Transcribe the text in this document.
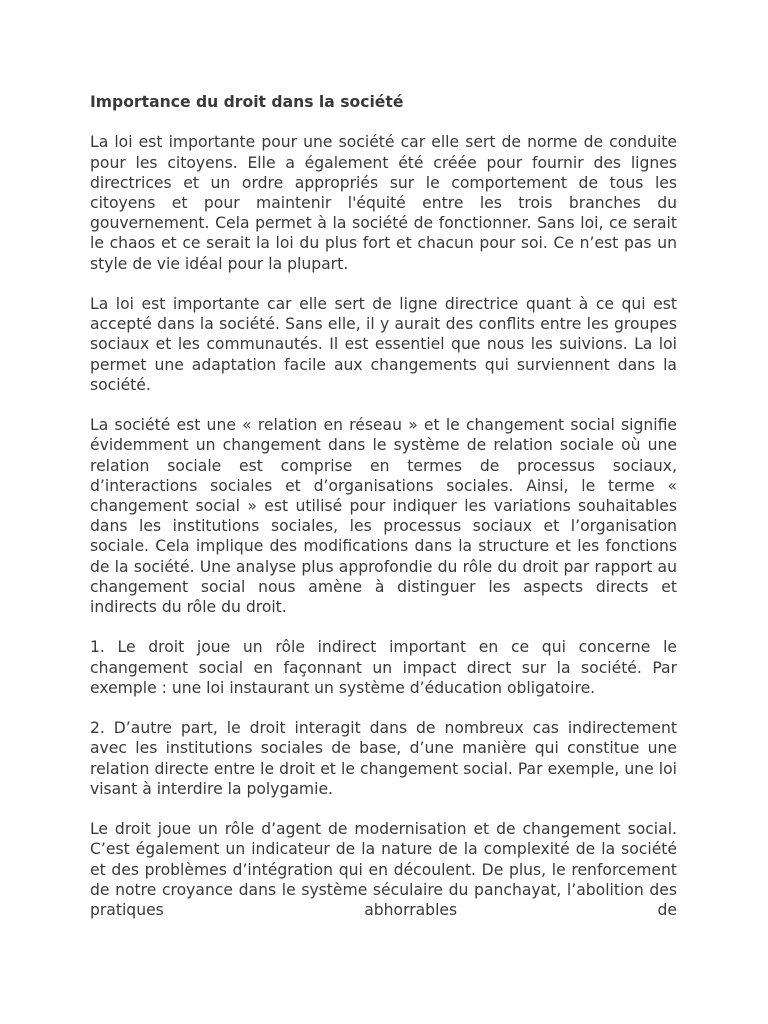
Importance du droit dans la société

La loi est importante pour une société car elle sert de norme de conduite pour les citoyens. Elle a également été créée pour fournir des lignes directrices et un ordre appropriés sur le comportement de tous les citoyens et pour maintenir l'équité entre les trois branches du gouvernement. Cela permet à la société de fonctionner. Sans loi, ce serait le chaos et ce serait la loi du plus fort et chacun pour soi. Ce n’est pas un style de vie idéal pour la plupart.

La loi est importante car elle sert de ligne directrice quant à ce qui est accepté dans la société. Sans elle, il y aurait des conflits entre les groupes sociaux et les communautés. Il est essentiel que nous les suivions. La loi permet une adaptation facile aux changements qui surviennent dans la société.

La société est une « relation en réseau » et le changement social signifie évidemment un changement dans le système de relation sociale où une relation sociale est comprise en termes de processus sociaux, d’interactions sociales et d’organisations sociales. Ainsi, le terme « changement social » est utilisé pour indiquer les variations souhaitables dans les institutions sociales, les processus sociaux et l’organisation sociale. Cela implique des modifications dans la structure et les fonctions de la société. Une analyse plus approfondie du rôle du droit par rapport au changement social nous amène à distinguer les aspects directs et indirects du rôle du droit.

1. Le droit joue un rôle indirect important en ce qui concerne le changement social en façonnant un impact direct sur la société. Par exemple : une loi instaurant un système d’éducation obligatoire.

2. D’autre part, le droit interagit dans de nombreux cas indirectement avec les institutions sociales de base, d’une manière qui constitue une relation directe entre le droit et le changement social. Par exemple, une loi visant à interdire la polygamie.

Le droit joue un rôle d’agent de modernisation et de changement social. C’est également un indicateur de la nature de la complexité de la société et des problèmes d’intégration qui en découlent. De plus, le renforcement de notre croyance dans le système séculaire du panchayat, l’abolition des pratiques abhorrables de
